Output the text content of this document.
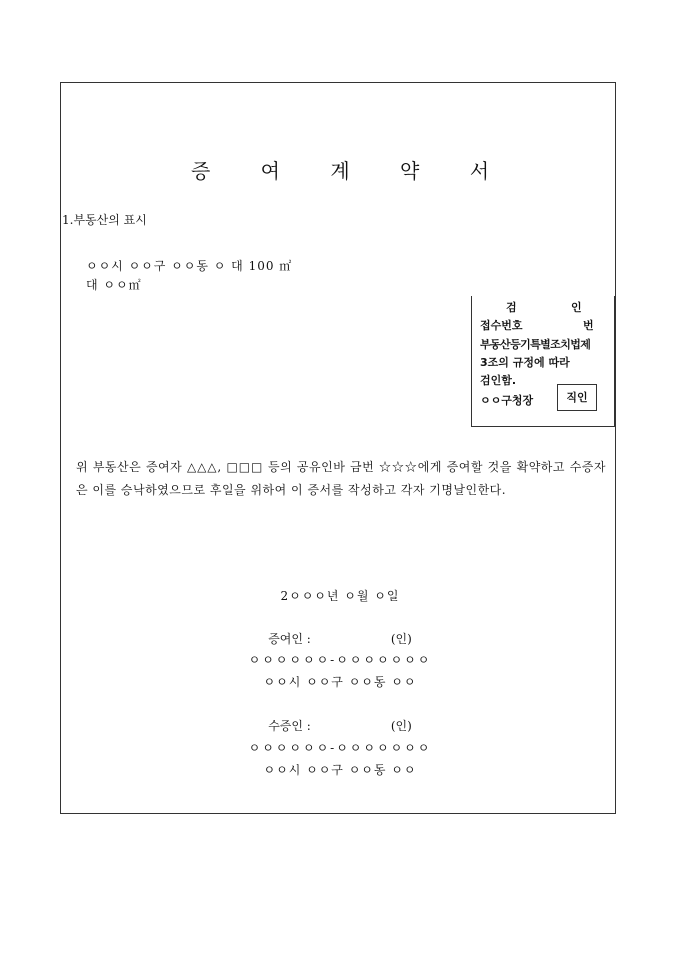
증 여 계 약 서
1.부동산의 표시
ㅇㅇ시 ㅇㅇ구 ㅇㅇ동 ㅇ 대 100 ㎡
대 ㅇㅇ㎡
검	인
접수번호	번
부동산등기특별조치법제
3조의 규정에 따라
검인함.
ㅇㅇ구청장	직인
위 부동산은 증여자 △△△, □□□ 등의 공유인바 금번 ☆☆☆에게 증여할 것을 확약하고 수증자은 이를 승낙하였으므로 후일을 위하여 이 증서를 작성하고 각자 기명날인한다.
2ㅇㅇㅇ년 ㅇ월 ㅇ일
증여인 :	(인)
ㅇㅇㅇㅇㅇㅇ-ㅇㅇㅇㅇㅇㅇㅇ
ㅇㅇ시 ㅇㅇ구 ㅇㅇ동 ㅇㅇ
수증인 :	(인)
ㅇㅇㅇㅇㅇㅇ-ㅇㅇㅇㅇㅇㅇㅇ
ㅇㅇ시 ㅇㅇ구 ㅇㅇ동 ㅇㅇ
